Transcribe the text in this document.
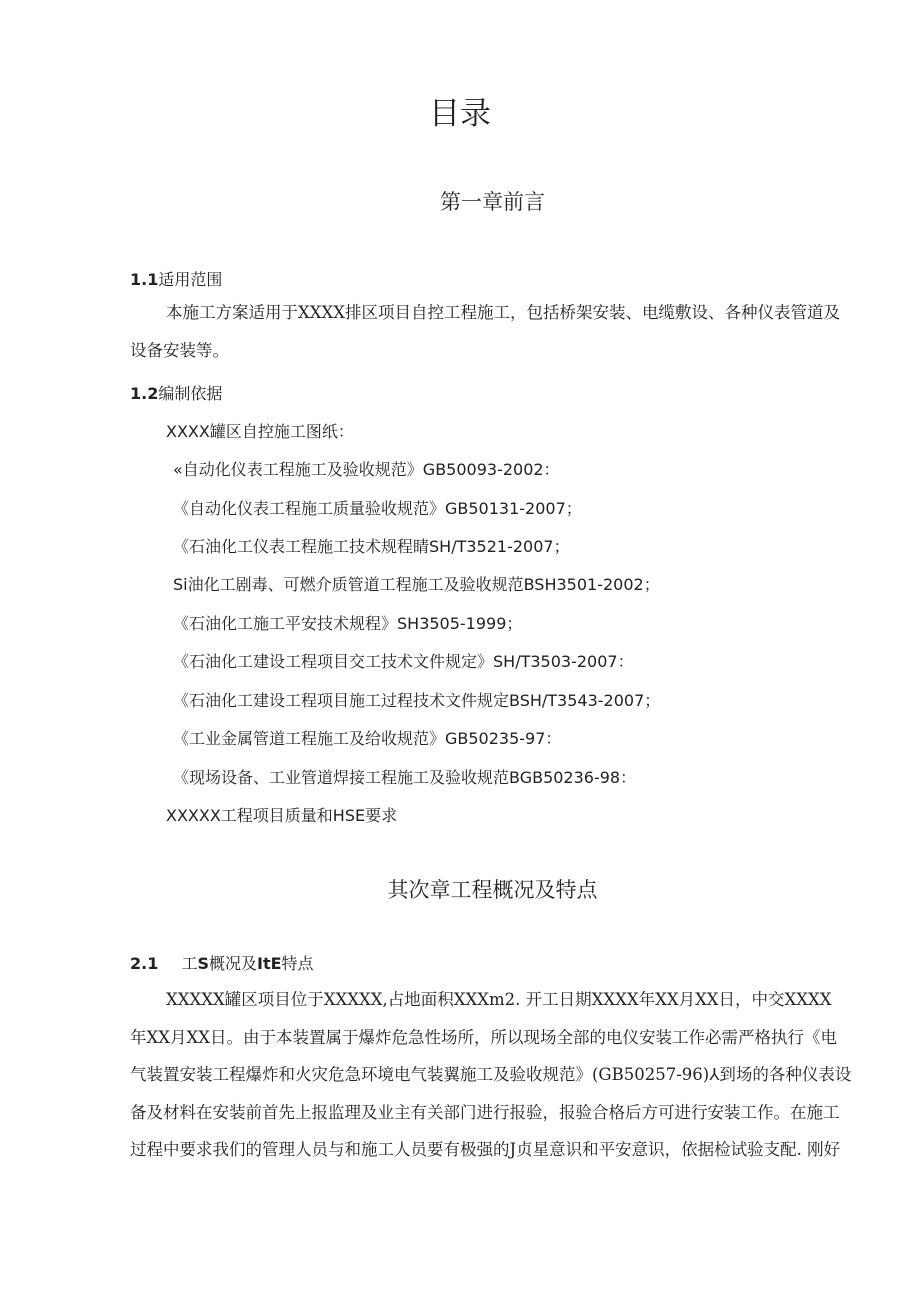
目录
第一章前言
1.1适用范围
本施工方案适用于XXXX排区项目自控工程施工，包括桥架安装、电缆敷设、各种仪表管道及
设备安装等。
1.2编制依据
XXXX罐区自控施工图纸：
«自动化仪表工程施工及验收规范》GB50093-2002：
《自动化仪表工程施工质量验收规范》GB50131-2007；
《石油化工仪表工程施工技术规程睛SH/T3521-2007；
Si油化工剧毒、可燃介质管道工程施工及验收规范BSH3501-2002；
《石油化工施工平安技术规程》SH3505-1999；
《石油化工建设工程项目交工技术文件规定》SH/T3503-2007：
《石油化工建设工程项目施工过程技术文件规定BSH/T3543-2007；
《工业金属管道工程施工及给收规范》GB50235-97：
《现场设备、工业管道焊接工程施工及验收规范BGB50236-98：
XXXXX工程项目质量和HSE要求
其次章工程概况及特点
2.1 工S概况及ItE特点
XXXXX罐区项目位于XXXXX,占地面积XXXm2. 开工日期XXXX年XX月XX日，中交XXXX
年XX月XX日。由于本装置属于爆炸危急性场所，所以现场全部的电仪安装工作必需严格执行《电
气装置安装工程爆炸和火灾危急环境电气装翼施工及验收规范》(GB50257-96)⅄到场的各种仪表设
备及材料在安装前首先上报监理及业主有关部门进行报验，报验合格后方可进行安装工作。在施工
过程中要求我们的管理人员与和施工人员要有极强的J贞星意识和平安意识，依据检试验支配. 刚好
